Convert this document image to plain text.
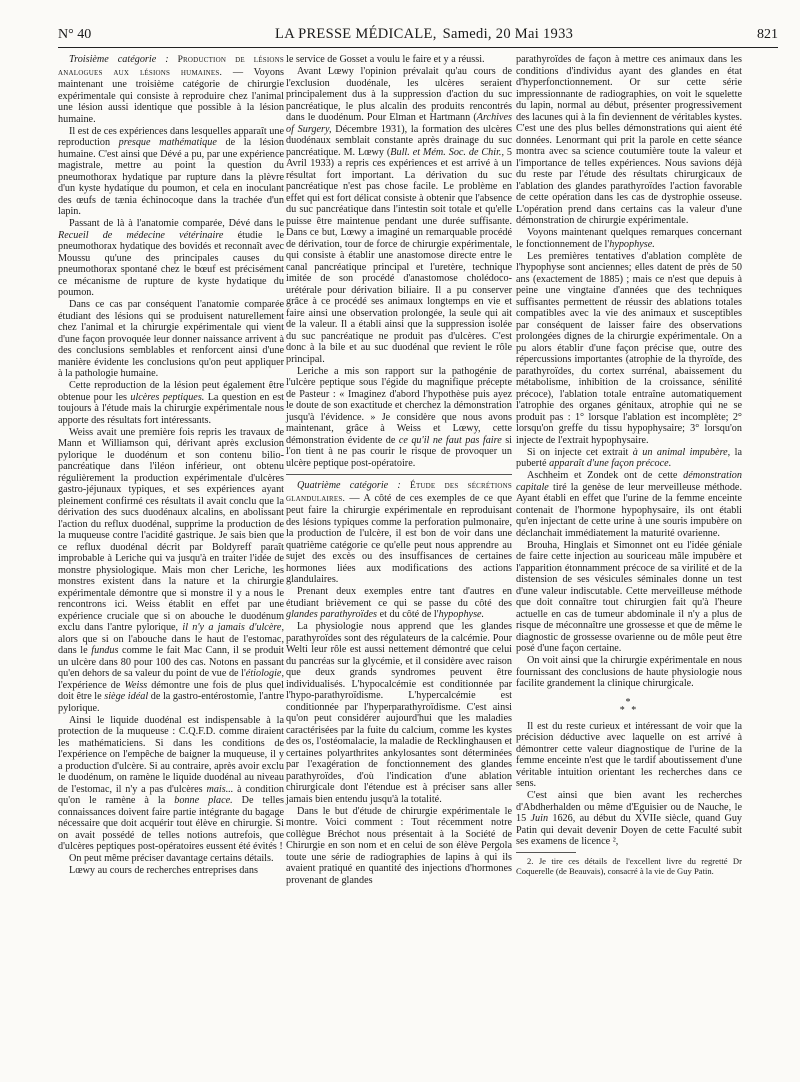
N° 40	LA PRESSE MÉDICALE, Samedi, 20 Mai 1933	821

Troisième catégorie : Production de lésions analogues aux lésions humaines. — Voyons maintenant une troisième catégorie de chirurgie expérimentale qui consiste à reproduire chez l'animal une lésion aussi identique que possible à la lésion humaine.

Il est de ces expériences dans lesquelles apparaît une reproduction presque mathématique de la lésion humaine. C'est ainsi que Dévé a pu, par une expérience magistrale, mettre au point la question du pneumothorax hydatique par rupture dans la plèvre d'un kyste hydatique du poumon, et cela en inoculant des œufs de tænia échinocoque dans la trachée d'un lapin.

Passant de là à l'anatomie comparée, Dévé dans le Recueil de médecine vétérinaire étudie le pneumothorax hydatique des bovidés et reconnaît avec Moussu qu'une des principales causes du pneumothorax spontané chez le bœuf est précisément ce mécanisme de rupture de kyste hydatique du poumon.

Dans ce cas par conséquent l'anatomie comparée étudiant des lésions qui se produisent naturellement chez l'animal et la chirurgie expérimentale qui vient d'une façon provoquée leur donner naissance arrivent à des conclusions semblables et renforcent ainsi d'une manière évidente les conclusions qu'on peut appliquer à la pathologie humaine.

Cette reproduction de la lésion peut également être obtenue pour les ulcères peptiques. La question en est toujours à l'étude mais la chirurgie expérimentale nous apporte des résultats fort intéressants.

Weiss avait une première fois repris les travaux de Mann et Williamson qui, dérivant après exclusion pylorique le duodénum et son contenu bilio-pancréatique dans l'iléon inférieur, ont obtenu régulièrement la production expérimentale d'ulcères gastro-jéjunaux typiques, et ses expériences ayant pleinement confirmé ces résultats il avait conclu que la dérivation des sucs duodénaux alcalins, en abolissant l'action du reflux duodénal, supprime la production de la muqueuse contre l'acidité gastrique. Je sais bien que ce reflux duodénal décrit par Boldyreff paraît improbable à Leriche qui va jusqu'à en traiter l'idée de monstre physiologique. Mais mon cher Leriche, les monstres existent dans la nature et la chirurgie expérimentale démontre que si monstre il y a nous le rencontrons ici. Weiss établit en effet par une expérience cruciale que si on abouche le duodénum exclu dans l'antre pylorique, il n'y a jamais d'ulcère, alors que si on l'abouche dans le haut de l'estomac, dans le fundus comme le fait Mac Cann, il se produit un ulcère dans 80 pour 100 des cas. Notons en passant qu'en dehors de sa valeur du point de vue de l'étiologie, l'expérience de Weiss démontre une fois de plus quel doit être le siège idéal de la gastro-entérostomie, l'antre pylorique.

Ainsi le liquide duodénal est indispensable à la protection de la muqueuse : C.Q.F.D. comme diraient les mathématiciens. Si dans les conditions de l'expérience on l'empêche de baigner la muqueuse, il y a production d'ulcère. Si au contraire, après avoir exclu le duodénum, on ramène le liquide duodénal au niveau de l'estomac, il n'y a pas d'ulcères mais... à condition qu'on le ramène à la bonne place. De telles connaissances doivent faire partie intégrante du bagage nécessaire que doit acquérir tout élève en chirurgie. Si on avait possédé de telles notions autrefois, que d'ulcères peptiques post-opératoires eussent été évités !

On peut même préciser davantage certains détails.

Lœwy au cours de recherches entreprises dans

le service de Gosset a voulu le faire et y a réussi.

Avant Lœwy l'opinion prévalait qu'au cours de l'exclusion duodénale, les ulcères seraient principalement dus à la suppression d'action du suc pancréatique, le plus alcalin des produits rencontrés dans le duodénum. Pour Elman et Hartmann (Archives of Surgery, Décembre 1931), la formation des ulcères duodénaux semblait constante après drainage du suc pancréatique. M. Lœwy (Bull. et Mém. Soc. de Chir., 5 Avril 1933) a repris ces expériences et est arrivé à un résultat fort important. La dérivation du suc pancréatique n'est pas chose facile. Le problème en effet qui est fort délicat consiste à obtenir que l'absence du suc pancréatique dans l'intestin soit totale et qu'elle puisse être maintenue pendant une durée suffisante. Dans ce but, Lœwy a imaginé un remarquable procédé de dérivation, tour de force de chirurgie expérimentale, qui consiste à établir une anastomose directe entre le canal pancréatique principal et l'uretère, technique imitée de son procédé d'anastomose cholédoco-urétérale pour dérivation biliaire. Il a pu conserver grâce à ce procédé ses animaux longtemps en vie et faire ainsi une observation prolongée, la seule qui ait de la valeur. Il a établi ainsi que la suppression isolée du suc pancréatique ne produit pas d'ulcères. C'est donc à la bile et au suc duodénal que revient le rôle principal.

Leriche a mis son rapport sur la pathogénie de l'ulcère peptique sous l'égide du magnifique précepte de Pasteur : « Imaginez d'abord l'hypothèse puis ayez le doute de son exactitude et cherchez la démonstration jusqu'à l'évidence. » Je considère que nous avons maintenant, grâce à Weiss et Lœwy, cette démonstration évidente de ce qu'il ne faut pas faire si l'on tient à ne pas courir le risque de provoquer un ulcère peptique post-opératoire.

Quatrième catégorie : Étude des sécrétions glandulaires. — A côté de ces exemples de ce que peut faire la chirurgie expérimentale en reproduisant des lésions typiques comme la perforation pulmonaire, la production de l'ulcère, il est bon de voir dans une quatrième catégorie ce qu'elle peut nous apprendre au sujet des excès ou des insuffisances de certaines hormones liées aux modifications des actions glandulaires.

Prenant deux exemples entre tant d'autres en étudiant brièvement ce qui se passe du côté des glandes parathyroïdes et du côté de l'hypophyse.

La physiologie nous apprend que les glandes parathyroïdes sont des régulateurs de la calcémie. Pour Welti leur rôle est aussi nettement démontré que celui du pancréas sur la glycémie, et il considère avec raison que deux grands syndromes peuvent être individualisés. L'hypocalcémie est conditionnée par l'hypo-parathyroïdisme. L'hypercalcémie est conditionnée par l'hyperparathyroïdisme. C'est ainsi qu'on peut considérer aujourd'hui que les maladies caractérisées par la fuite du calcium, comme les kystes des os, l'ostéomalacie, la maladie de Recklinghausen et certaines polyarthrites ankylosantes sont déterminées par l'exagération de fonctionnement des glandes parathyroïdes, d'où l'indication d'une ablation chirurgicale dont l'étendue est à préciser sans aller jamais bien entendu jusqu'à la totalité.

Dans le but d'étude de chirurgie expérimentale le montre. Voici comment : Tout récemment notre collègue Bréchot nous présentait à la Société de Chirurgie en son nom et en celui de son élève Pergola toute une série de radiographies de lapins à qui ils avaient pratiqué en quantité des injections d'hormones provenant de glandes

parathyroïdes de façon à mettre ces animaux dans les conditions d'individus ayant des glandes en état d'hyperfonctionnement. Or sur cette série impressionnante de radiographies, on voit le squelette du lapin, normal au début, présenter progressivement des lacunes qui à la fin deviennent de véritables kystes. C'est une des plus belles démonstrations qui aient été données. Lenormant qui prit la parole en cette séance montra avec sa science coutumière toute la valeur et l'importance de telles expériences. Nous savions déjà du reste par l'étude des résultats chirurgicaux de l'ablation des glandes parathyroïdes l'action favorable de cette opération dans les cas de dystrophie osseuse. L'opération prend dans certains cas la valeur d'une démonstration de chirurgie expérimentale.

Voyons maintenant quelques remarques concernant le fonctionnement de l'hypophyse.

Les premières tentatives d'ablation complète de l'hypophyse sont anciennes; elles datent de près de 50 ans (exactement de 1885) ; mais ce n'est que depuis à peine une vingtaine d'années que des techniques suffisantes permettent de réussir des ablations totales compatibles avec la vie des animaux et susceptibles par conséquent de laisser faire des observations prolongées dignes de la chirurgie expérimentale. On a pu alors établir d'une façon précise que, outre des répercussions importantes (atrophie de la thyroïde, des parathyroïdes, du cortex surrénal, abaissement du métabolisme, inhibition de la croissance, sénilité précoce), l'ablation totale entraîne automatiquement l'atrophie des organes génitaux, atrophie qui ne se produit pas : 1° lorsque l'ablation est incomplète; 2° lorsqu'on greffe du tissu hypophysaire; 3° lorsqu'on injecte de l'extrait hypophysaire.

Si on injecte cet extrait à un animal impubère, la puberté apparaît d'une façon précoce.

Aschheim et Zondek ont de cette démonstration capitale tiré la genèse de leur merveilleuse méthode. Ayant établi en effet que l'urine de la femme enceinte contenait de l'hormone hypophysaire, ils ont établi qu'en injectant de cette urine à une souris impubère on déclanchait immédiatement la maturité ovarienne.

Brouha, Hinglais et Simonnet ont eu l'idée géniale de faire cette injection au souriceau mâle impubère et l'apparition étonnamment précoce de sa virilité et de la distension de ses vésicules séminales donne un test d'une valeur indiscutable. Cette merveilleuse méthode que doit connaître tout chirurgien fait qu'à l'heure actuelle en cas de tumeur abdominale il n'y a plus de risque de méconnaître une grossesse et que de même le diagnostic de grossesse ovarienne ou de môle peut être posé d'une façon certaine.

On voit ainsi que la chirurgie expérimentale en nous fournissant des conclusions de haute physiologie nous facilite grandement la clinique chirurgicale.

*
* *

Il est du reste curieux et intéressant de voir que la précision déductive avec laquelle on est arrivé à démontrer cette valeur diagnostique de l'urine de la femme enceinte n'est que le tardif aboutissement d'une véritable intuition orientant les recherches dans ce sens.

C'est ainsi que bien avant les recherches d'Abdherhalden ou même d'Eguisier ou de Nauche, le 15 Juin 1626, au début du XVIIe siècle, quand Guy Patin qui devait devenir Doyen de cette Faculté subit ses examens de licence ²,

2. Je tire ces détails de l'excellent livre du regretté Dr Coquerelle (de Beauvais), consacré à la vie de Guy Patin.
